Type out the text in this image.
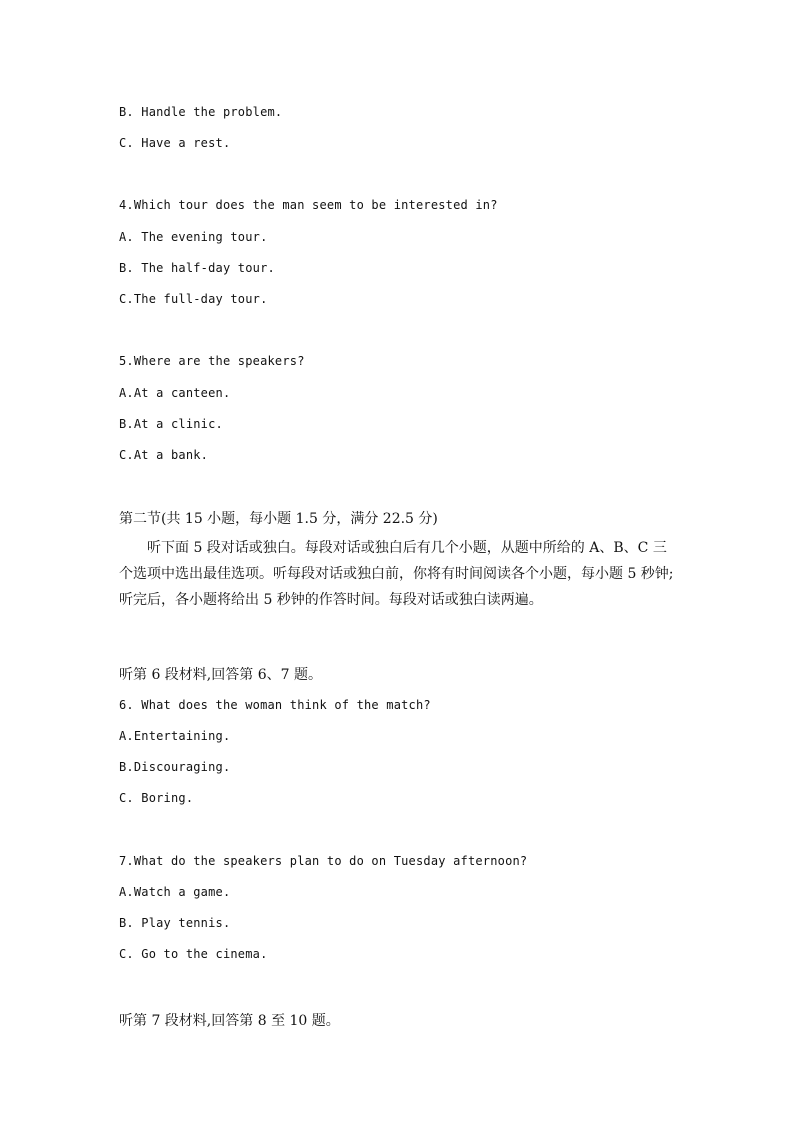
B. Handle the problem.
C. Have a rest.
4.Which tour does the man seem to be interested in?
A. The evening tour.
B. The half-day tour.
C.The full-day tour.
5.Where are the speakers?
A.At a canteen.
B.At a clinic.
C.At a bank.
第二节(共 15 小题，每小题 1.5 分，满分 22.5 分)
听下面 5 段对话或独白。每段对话或独白后有几个小题，从题中所给的 A、B、C 三个选项中选出最佳选项。听每段对话或独白前，你将有时间阅读各个小题，每小题 5 秒钟;听完后，各小题将给出 5 秒钟的作答时间。每段对话或独白读两遍。
听第 6 段材料,回答第 6、7 题。
6. What does the woman think of the match?
A.Entertaining.
B.Discouraging.
C. Boring.
7.What do the speakers plan to do on Tuesday afternoon?
A.Watch a game.
B. Play tennis.
C. Go to the cinema.
听第 7 段材料,回答第 8 至 10 题。
